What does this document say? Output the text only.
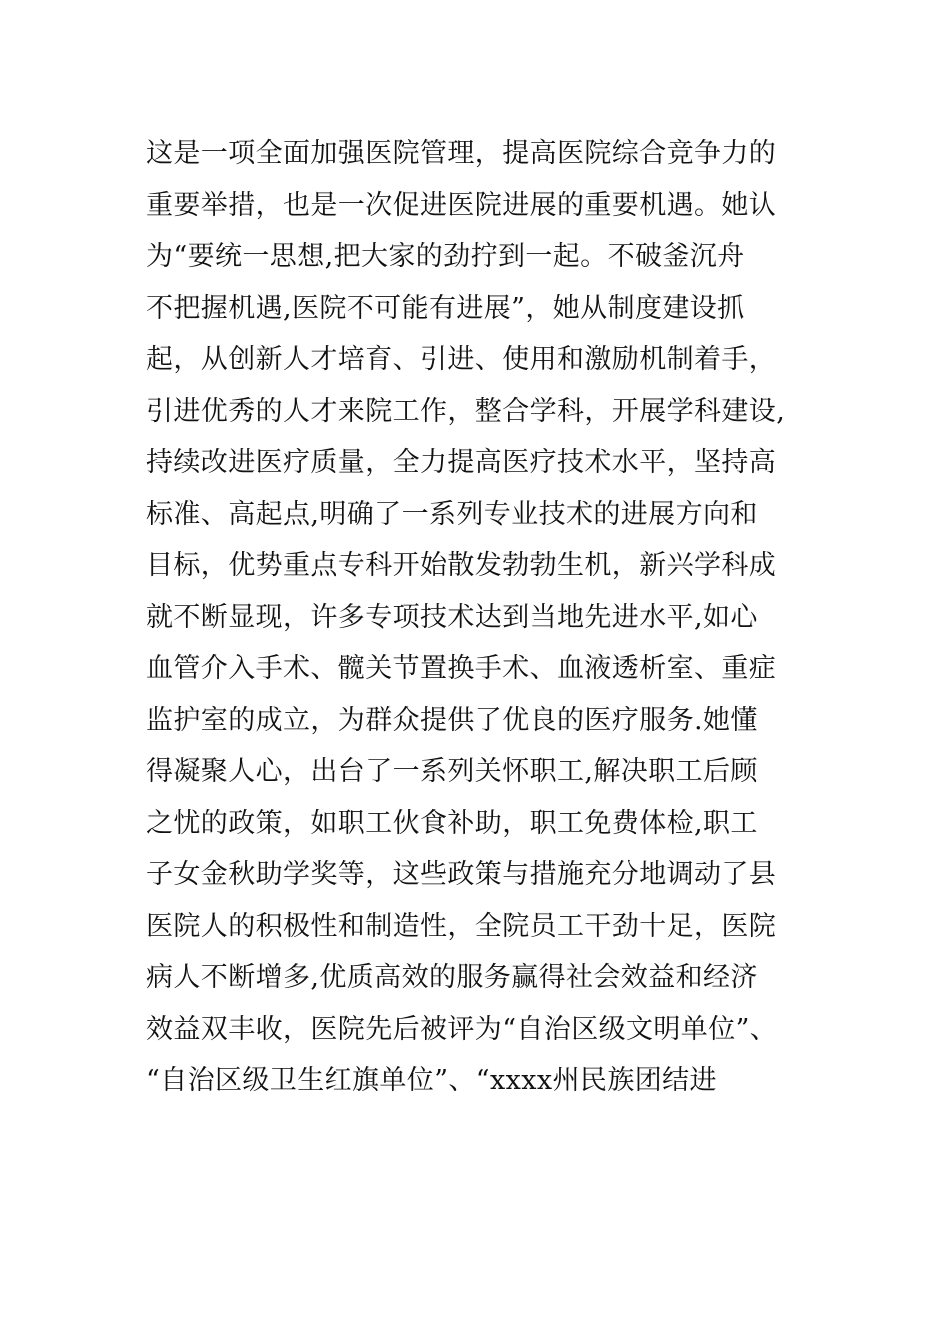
这是一项全面加强医院管理，提高医院综合竞争力的
重要举措，也是一次促进医院进展的重要机遇。她认
为“要统一思想,把大家的劲拧到一起。不破釜沉舟
不把握机遇,医院不可能有进展”，她从制度建设抓
起，从创新人才培育、引进、使用和激励机制着手，
引进优秀的人才来院工作，整合学科，开展学科建设,
持续改进医疗质量，全力提高医疗技术水平，坚持高
标准、高起点,明确了一系列专业技术的进展方向和
目标，优势重点专科开始散发勃勃生机，新兴学科成
就不断显现，许多专项技术达到当地先进水平,如心
血管介入手术、髋关节置换手术、血液透析室、重症
监护室的成立，为群众提供了优良的医疗服务.她懂
得凝聚人心，出台了一系列关怀职工,解决职工后顾
之忧的政策，如职工伙食补助，职工免费体检,职工
子女金秋助学奖等，这些政策与措施充分地调动了县
医院人的积极性和制造性，全院员工干劲十足，医院
病人不断增多,优质高效的服务赢得社会效益和经济
效益双丰收，医院先后被评为“自治区级文明单位”、
“自治区级卫生红旗单位”、“xxxx州民族团结进
